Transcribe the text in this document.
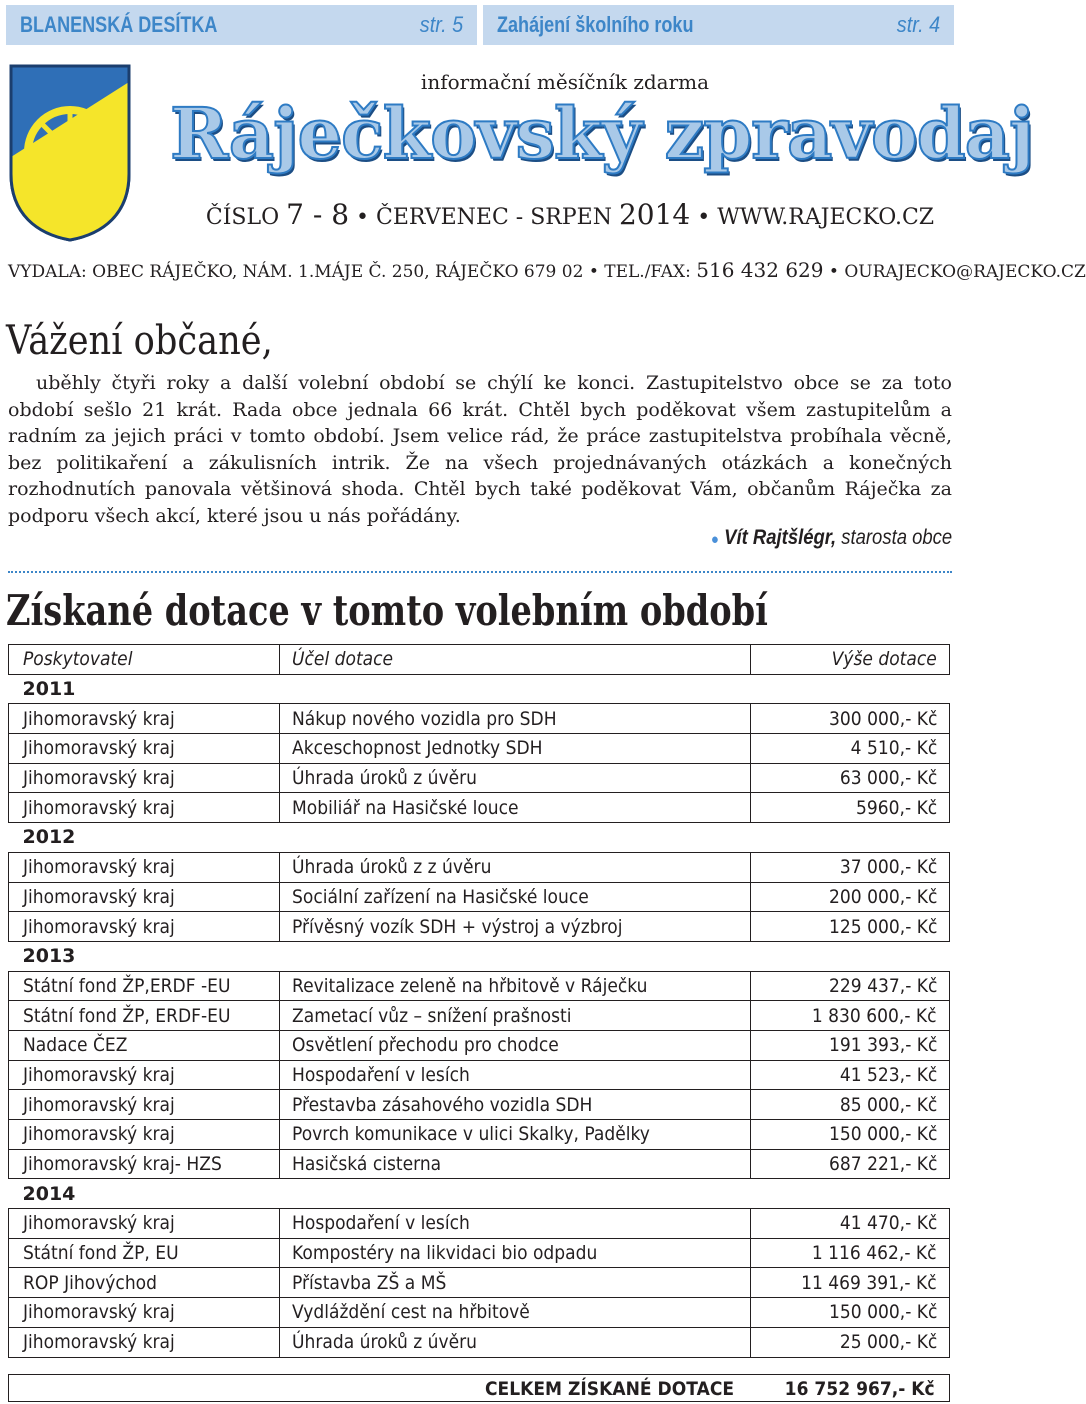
BLANENSKÁ DESÍTKA	str. 5 Zahájení školního roku	str. 4
informační měsíčník zdarma
Ráječkovský zpravodaj
ČÍSLO 7 - 8 • ČERVENEC - SRPEN 2014 • WWW.RAJECKO.CZ
VYDALA: OBEC RÁJEČKO, NÁM. 1.MÁJE Č. 250, RÁJEČKO 679 02 • TEL./FAX: 516 432 629 • OURAJECKO@RAJECKO.CZ
Vážení občané,

uběhly čtyři roky a další volební období se chýlí ke konci. Zastupitelstvo obce se za toto období sešlo 21 krát. Rada obce jednala 66 krát. Chtěl bych poděkovat všem zastupitelům a radním za jejich práci v tomto období. Jsem velice rád, že práce zastupitelstva probíhala věcně, bez politikaření a zákulisních intrik. Že na všech projednávaných otázkách a konečných rozhodnutích panovala většinová shoda. Chtěl bych také poděkovat Vám, občanům Ráječka za podporu všech akcí, které jsou u nás pořádány.

● Vít Rajtšlégr, starosta obce
Získané dotace v tomto volebním období
Poskytovatel	Účel dotace	Výše dotace
2011		
Jihomoravský kraj	Nákup nového vozidla pro SDH	300 000,- Kč
Jihomoravský kraj	Akceschopnost Jednotky SDH	4 510,- Kč
Jihomoravský kraj	Úhrada úroků z úvěru	63 000,- Kč
Jihomoravský kraj	Mobiliář na Hasičské louce	5960,- Kč
2012		
Jihomoravský kraj	Úhrada úroků z z úvěru	37 000,- Kč
Jihomoravský kraj	Sociální zařízení na Hasičské louce	200 000,- Kč
Jihomoravský kraj	Přívěsný vozík SDH + výstroj a výzbroj	125 000,- Kč
2013		
Státní fond ŽP,ERDF -EU	Revitalizace zeleně na hřbitově v Ráječku	229 437,- Kč
Státní fond ŽP, ERDF-EU	Zametací vůz – snížení prašnosti	1 830 600,- Kč
Nadace ČEZ	Osvětlení přechodu pro chodce	191 393,- Kč
Jihomoravský kraj	Hospodaření v lesích	41 523,- Kč
Jihomoravský kraj	Přestavba zásahového vozidla SDH	85 000,- Kč
Jihomoravský kraj	Povrch komunikace v ulici Skalky, Padělky	150 000,- Kč
Jihomoravský kraj- HZS	Hasičská cisterna	687 221,- Kč
2014		
Jihomoravský kraj	Hospodaření v lesích	41 470,- Kč
Státní fond ŽP, EU	Kompostéry na likvidaci bio odpadu	1 116 462,- Kč
ROP Jihovýchod	Přístavba ZŠ a MŠ	11 469 391,- Kč
Jihomoravský kraj	Vydláždění cest na hřbitově	150 000,- Kč
Jihomoravský kraj	Úhrada úroků z úvěru	25 000,- Kč
CELKEM ZÍSKANÉ DOTACE	16 752 967,- Kč
